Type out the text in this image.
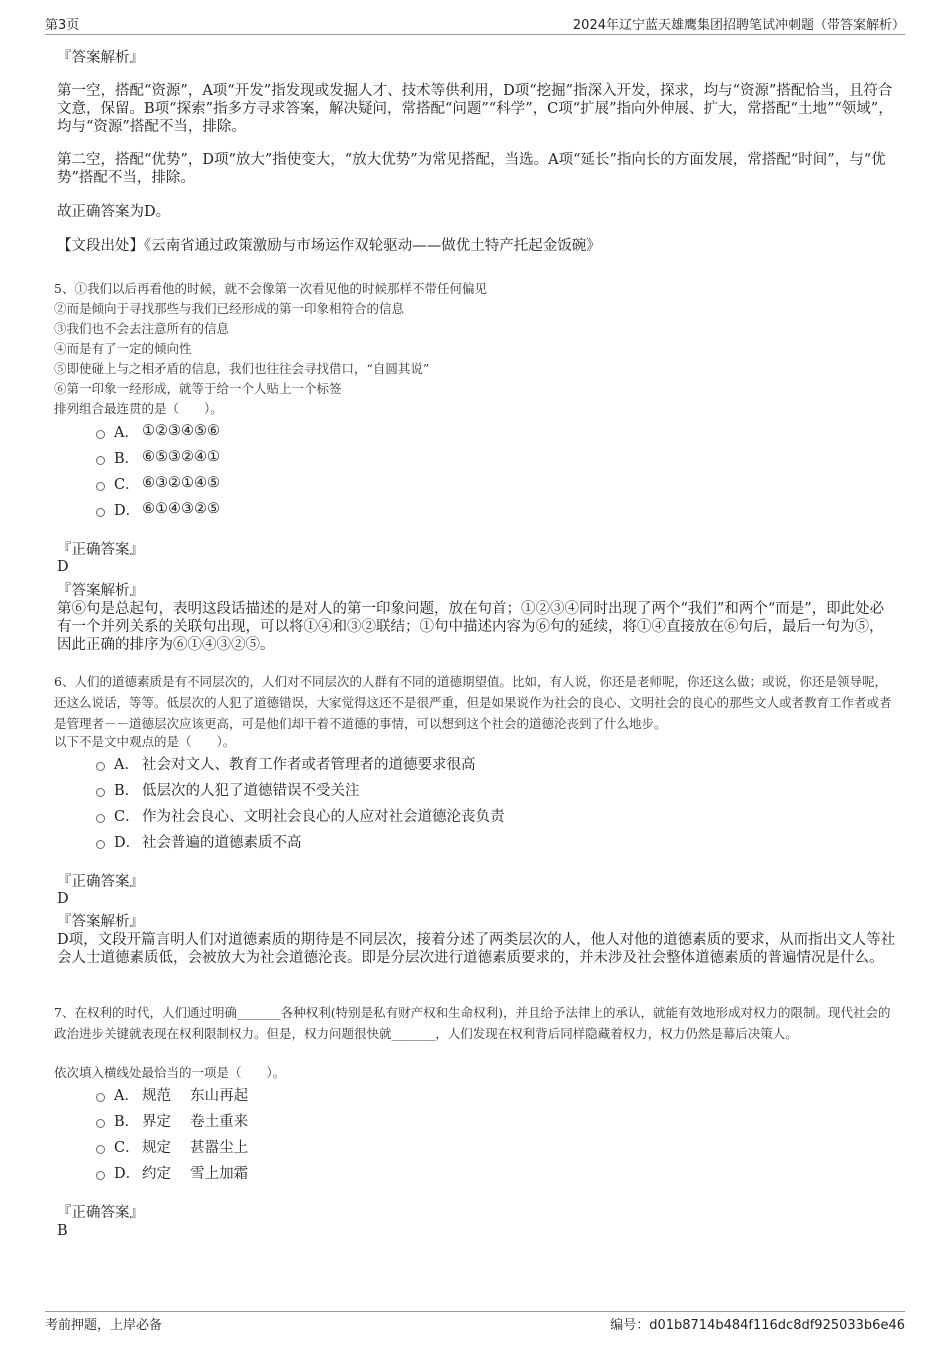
第3页	2024年辽宁蓝天雄鹰集团招聘笔试冲刺题（带答案解析）
『答案解析』
第一空，搭配“资源”，A项“开发”指发现或发掘人才、技术等供利用，D项“挖掘”指深入开发，探求，均与“资源”搭配恰当，且符合文意，保留。B项“探索”指多方寻求答案，解决疑问，常搭配“问题”“科学”，C项“扩展”指向外伸展、扩大，常搭配“土地”“领域”，均与“资源”搭配不当，排除。
第二空，搭配“优势”，D项“放大”指使变大，“放大优势”为常见搭配，当选。A项“延长”指向长的方面发展，常搭配“时间”，与“优势”搭配不当，排除。
故正确答案为D。
【文段出处】《云南省通过政策激励与市场运作双轮驱动——做优土特产托起金饭碗》

5、①我们以后再看他的时候，就不会像第一次看见他的时候那样不带任何偏见

②而是倾向于寻找那些与我们已经形成的第一印象相符合的信息

③我们也不会去注意所有的信息

④而是有了一定的倾向性

⑤即使碰上与之相矛盾的信息，我们也往往会寻找借口，“自圆其说”

⑥第一印象一经形成，就等于给一个人贴上一个标签

排列组合最连贯的是（　　）。

A． ①②③④⑤⑥
B． ⑥⑤③②④①
C． ⑥③②①④⑤
D． ⑥①④③②⑤
『正确答案』
D
『答案解析』
第⑥句是总起句，表明这段话描述的是对人的第一印象问题，放在句首；①②③④同时出现了两个“我们”和两个“而是”，即此处必有一个并列关系的关联句出现，可以将①④和③②联结；①句中描述内容为⑥句的延续，将①④直接放在⑥句后，最后一句为⑤，因此正确的排序为⑥①④③②⑤。
6、人们的道德素质是有不同层次的，人们对不同层次的人群有不同的道德期望值。比如，有人说，你还是老师呢，你还这么做；或说，你还是领导呢，还这么说话，等等。低层次的人犯了道德错误，大家觉得这还不是很严重，但是如果说作为社会的良心、文明社会的良心的那些文人或者教育工作者或者是管理者－－道德层次应该更高，可是他们却干着不道德的事情，可以想到这个社会的道德沦丧到了什么地步。
以下不是文中观点的是（　　）。
A． 社会对文人、教育工作者或者管理者的道德要求很高
B． 低层次的人犯了道德错误不受关注
C． 作为社会良心、文明社会良心的人应对社会道德沦丧负责
D． 社会普遍的道德素质不高
『正确答案』
D
『答案解析』
D项，文段开篇言明人们对道德素质的期待是不同层次，接着分述了两类层次的人，他人对他的道德素质的要求，从而指出文人等社会人士道德素质低，会被放大为社会道德沦丧。即是分层次进行道德素质要求的，并未涉及社会整体道德素质的普遍情况是什么。
7、在权利的时代，人们通过明确_______各种权利(特别是私有财产权和生命权利)，并且给予法律上的承认，就能有效地形成对权力的限制。现代社会的政治进步关键就表现在权利限制权力。但是，权力问题很快就_______，人们发现在权利背后同样隐藏着权力，权力仍然是幕后决策人。
依次填入横线处最恰当的一项是（　　）。
A． 规范　 东山再起
B． 界定　 卷土重来
C． 规定　 甚嚣尘上
D． 约定　 雪上加霜
『正确答案』
B
考前押题，上岸必备	编号：d01b8714b484f116dc8df925033b6e46
